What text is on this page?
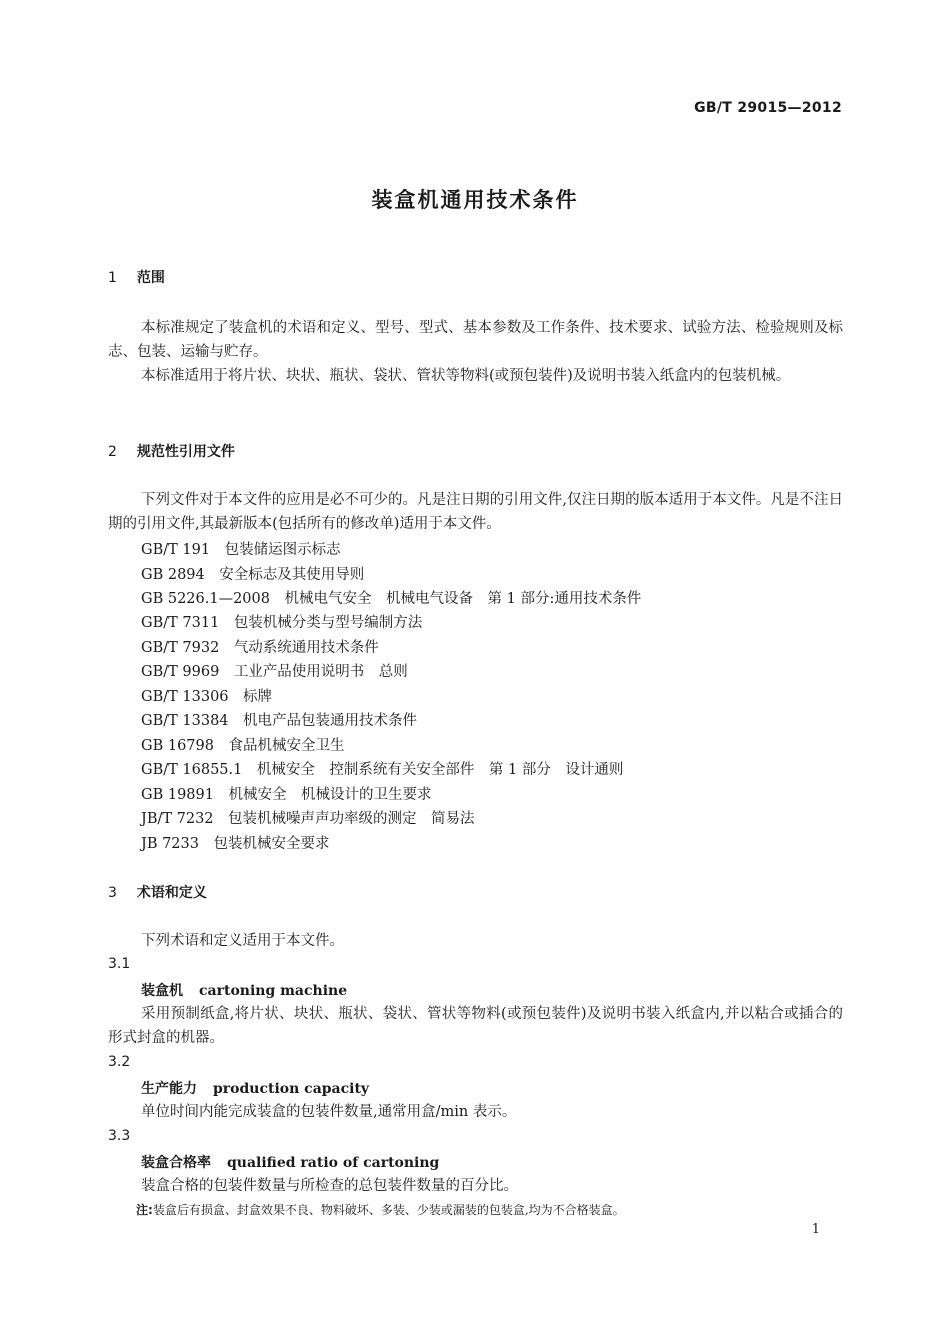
GB/T 29015—2012
装盒机通用技术条件
1 范围
本标准规定了装盒机的术语和定义、型号、型式、基本参数及工作条件、技术要求、试验方法、检验规则及标志、包装、运输与贮存。
本标准适用于将片状、块状、瓶状、袋状、管状等物料(或预包装件)及说明书装入纸盒内的包装机械。
2 规范性引用文件
下列文件对于本文件的应用是必不可少的。凡是注日期的引用文件,仅注日期的版本适用于本文件。凡是不注日期的引用文件,其最新版本(包括所有的修改单)适用于本文件。
GB/T 191　 包装储运图示标志
GB 2894　 安全标志及其使用导则
GB 5226.1—2008　 机械电气安全　机械电气设备　第 1 部分:通用技术条件
GB/T 7311　 包装机械分类与型号编制方法
GB/T 7932　 气动系统通用技术条件
GB/T 9969　 工业产品使用说明书　总则
GB/T 13306　 标牌
GB/T 13384　 机电产品包装通用技术条件
GB 16798　 食品机械安全卫生
GB/T 16855.1　 机械安全　控制系统有关安全部件　第 1 部分　设计通则
GB 19891　 机械安全　机械设计的卫生要求
JB/T 7232　 包装机械噪声声功率级的测定　简易法
JB 7233　 包装机械安全要求
3 术语和定义
下列术语和定义适用于本文件。
3.1
装盒机 cartoning machine
采用预制纸盒,将片状、块状、瓶状、袋状、管状等物料(或预包装件)及说明书装入纸盒内,并以粘合或插合的形式封盒的机器。
3.2
生产能力 production capacity
单位时间内能完成装盒的包装件数量,通常用盒/min 表示。
3.3
装盒合格率 qualified ratio of cartoning
装盒合格的包装件数量与所检查的总包装件数量的百分比。
注:装盒后有损盒、封盒效果不良、物料破坏、多装、少装或漏装的包装盒,均为不合格装盒。
1
